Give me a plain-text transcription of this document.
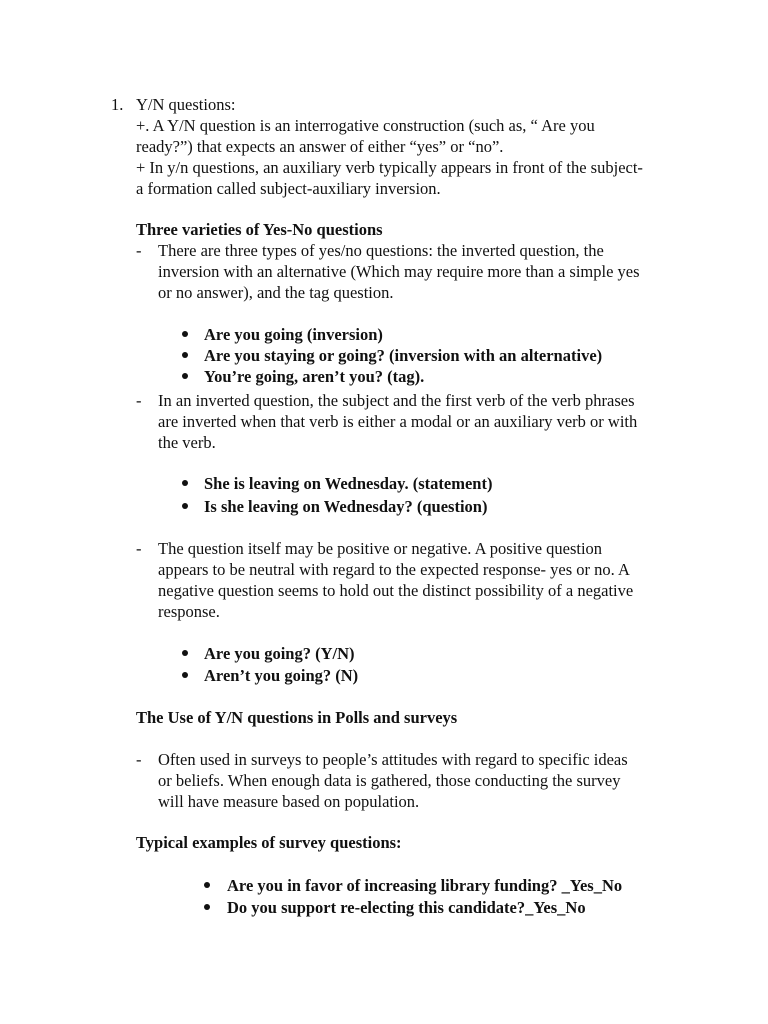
1. Y/N questions:
+. A Y/N question is an interrogative construction (such as, “ Are you
ready?”) that expects an answer of either “yes” or “no”.
+ In y/n questions, an auxiliary verb typically appears in front of the subject-
a formation called subject-auxiliary inversion.
Three varieties of Yes-No questions
- There are three types of yes/no questions: the inverted question, the
inversion with an alternative (Which may require more than a simple yes
or no answer), and the tag question.
Are you going (inversion)
Are you staying or going? (inversion with an alternative)
You’re going, aren’t you? (tag).
- In an inverted question, the subject and the first verb of the verb phrases
are inverted when that verb is either a modal or an auxiliary verb or with
the verb.
She is leaving on Wednesday. (statement)
Is she leaving on Wednesday? (question)
- The question itself may be positive or negative. A positive question
appears to be neutral with regard to the expected response- yes or no. A
negative question seems to hold out the distinct possibility of a negative
response.
Are you going? (Y/N)
Aren’t you going? (N)
The Use of Y/N questions in Polls and surveys
- Often used in surveys to people’s attitudes with regard to specific ideas
or beliefs. When enough data is gathered, those conducting the survey
will have measure based on population.
Typical examples of survey questions:
Are you in favor of increasing library funding? _Yes_No
Do you support re-electing this candidate?_Yes_No
